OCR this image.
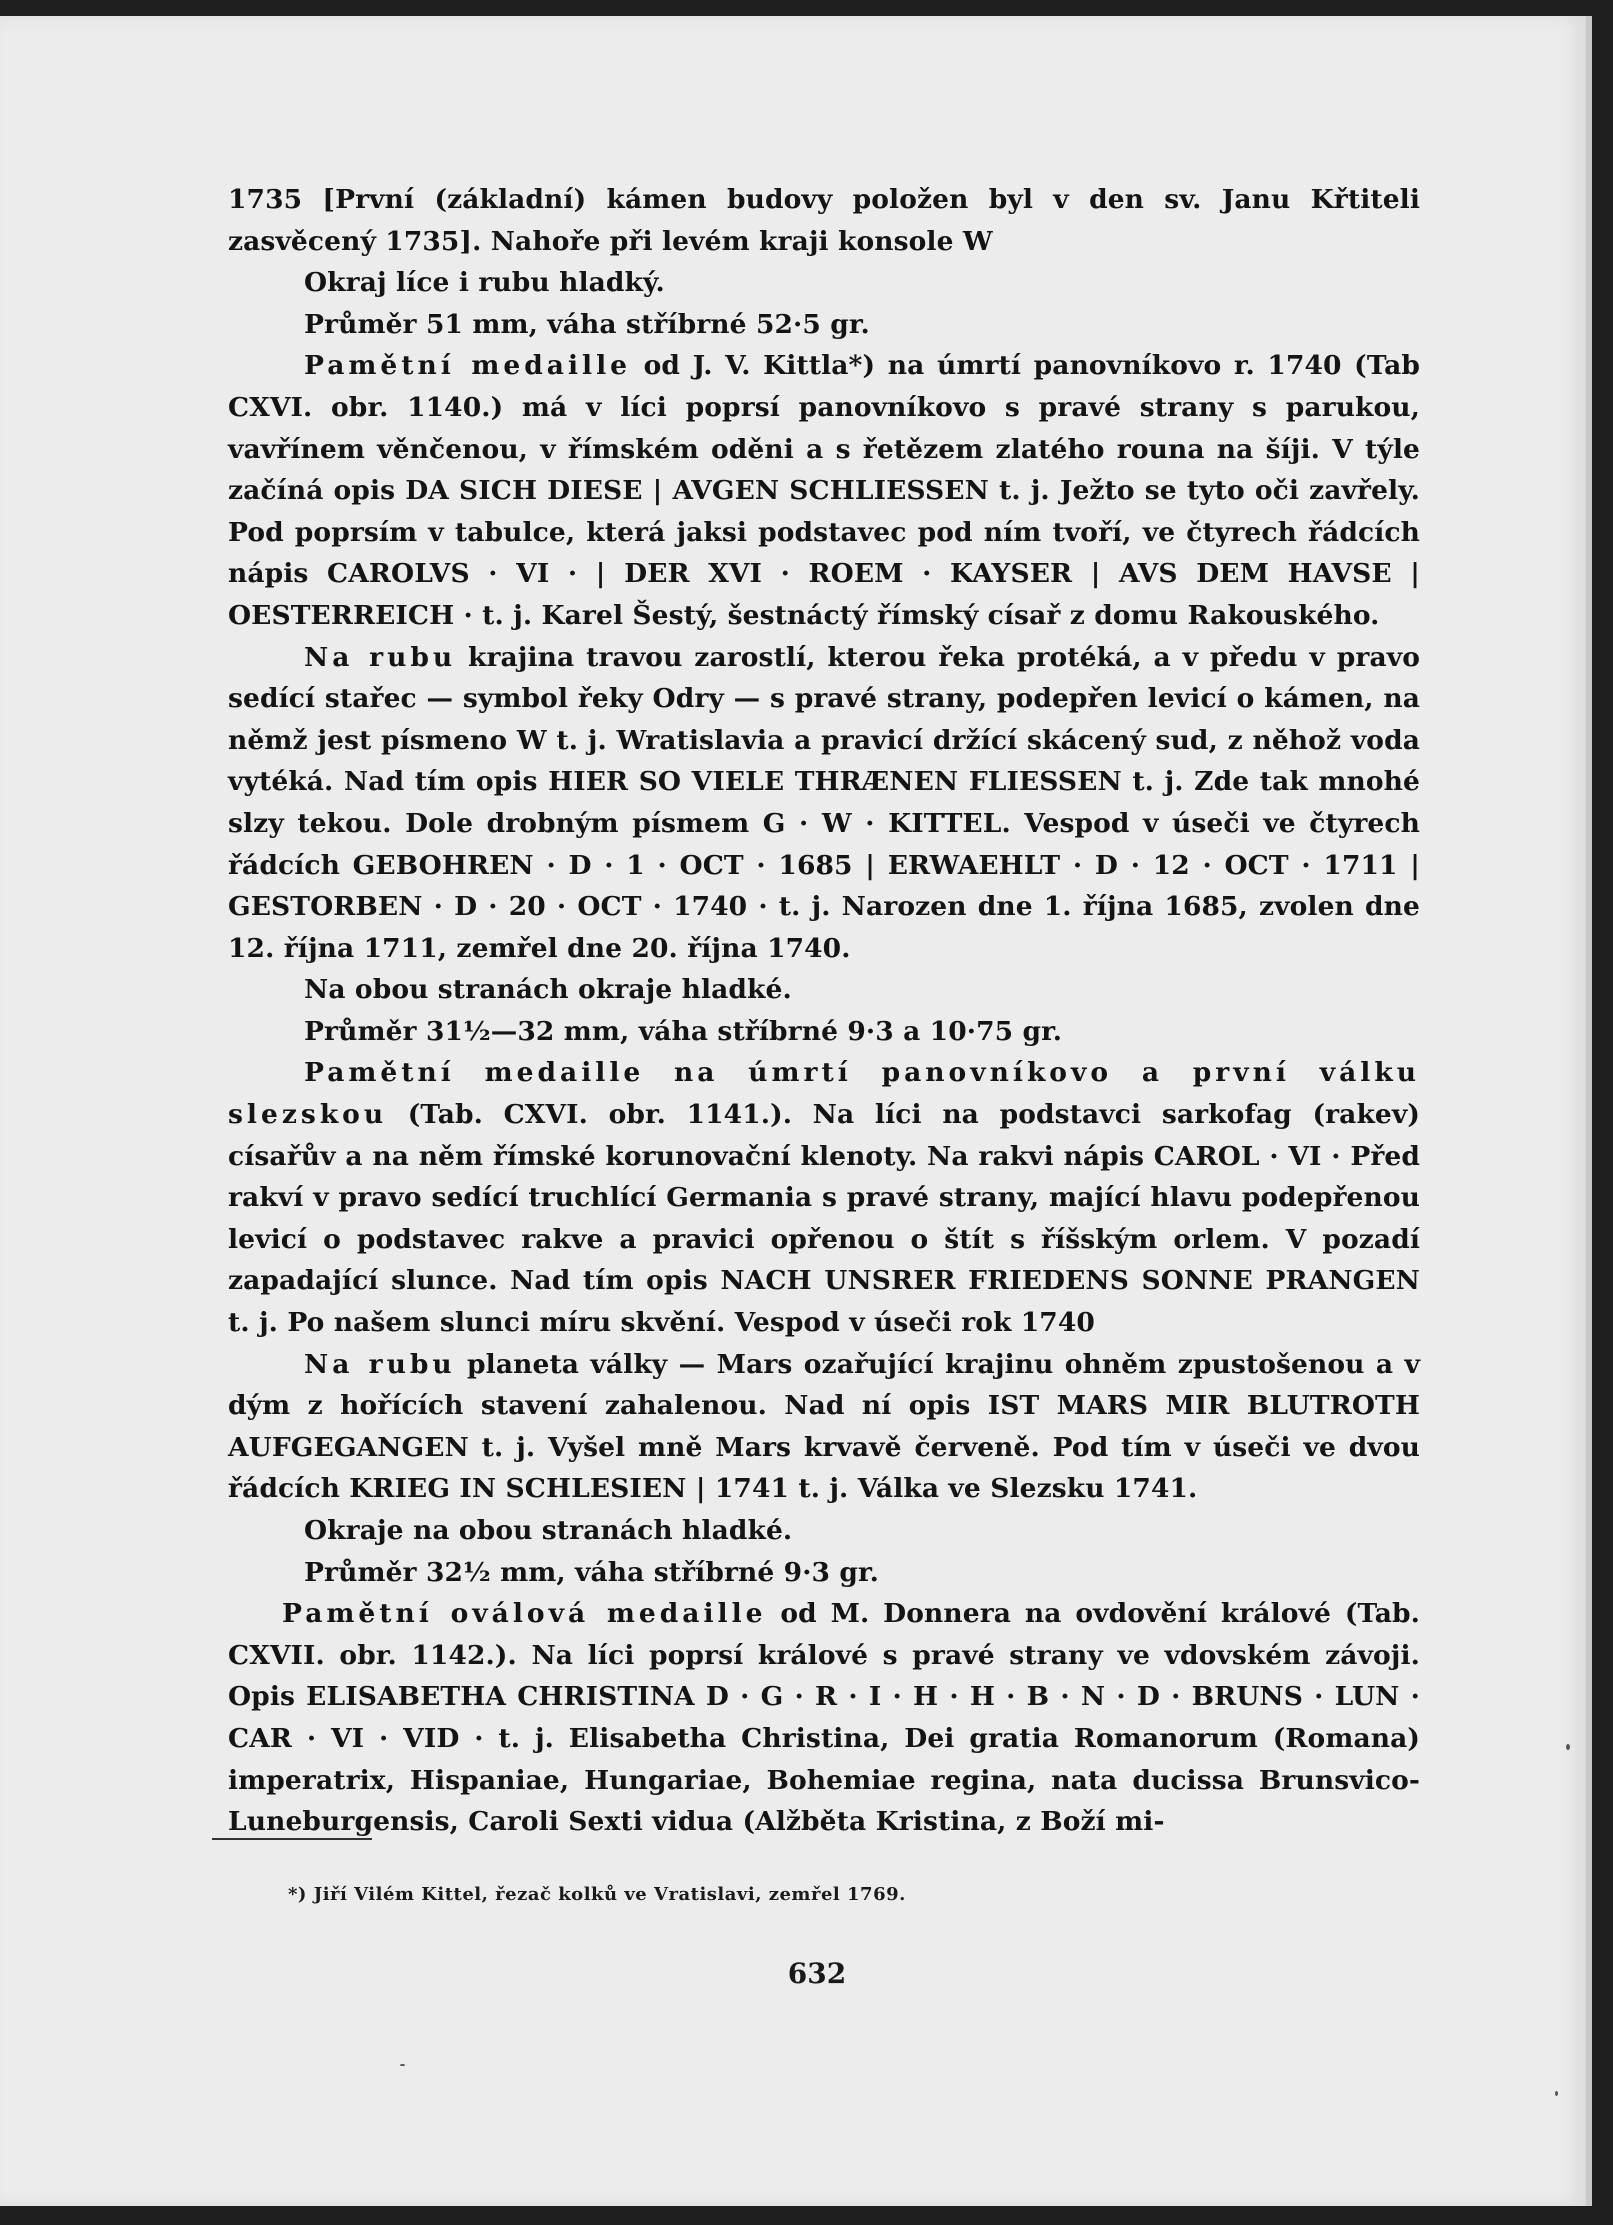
1735 [První (základní) kámen budovy položen byl v den sv. Janu Křtiteli zasvěcený 1735]. Nahoře při levém kraji konsole W

Okraj líce i rubu hladký.

Průměr 51 mm, váha stříbrné 52·5 gr.

Pamětní medaille od J. V. Kittla*) na úmrtí panovníkovo r. 1740 (Tab CXVI. obr. 1140.) má v líci poprsí panovníkovo s pravé strany s parukou, vavřínem věnčenou, v římském oděni a s řetězem zlatého rouna na šíji. V týle začíná opis DA SICH DIESE | AVGEN SCHLIESSEN t. j. Ježto se tyto oči zavřely. Pod poprsím v tabulce, která jaksi podstavec pod ním tvoří, ve čtyrech řádcích nápis CAROLVS · VI · | DER XVI · ROEM · KAYSER | AVS DEM HAVSE | OESTERREICH · t. j. Karel Šestý, šestnáctý římský císař z domu Rakouského.

Na rubu krajina travou zarostlí, kterou řeka protéká, a v předu v pravo sedící stařec — symbol řeky Odry — s pravé strany, podepřen levicí o kámen, na němž jest písmeno W t. j. Wratislavia a pravicí držící skácený sud, z něhož voda vytéká. Nad tím opis HIER SO VIELE THRÆNEN FLIESSEN t. j. Zde tak mnohé slzy tekou. Dole drobným písmem G · W · KITTEL. Vespod v úseči ve čtyrech řádcích GEBOHREN · D · 1 · OCT · 1685 | ERWAEHLT · D · 12 · OCT · 1711 | GESTORBEN · D · 20 · OCT · 1740 · t. j. Narozen dne 1. října 1685, zvolen dne 12. října 1711, zemřel dne 20. října 1740.

Na obou stranách okraje hladké.

Průměr 31½—32 mm, váha stříbrné 9·3 a 10·75 gr.

Pamětní medaille na úmrtí panovníkovo a první válku slezskou (Tab. CXVI. obr. 1141.). Na líci na podstavci sarkofag (rakev) císařův a na něm římské korunovační klenoty. Na rakvi nápis CAROL · VI · Před rakví v pravo sedící truchlící Germania s pravé strany, mající hlavu podepřenou levicí o podstavec rakve a pravici opřenou o štít s říšským orlem. V pozadí zapadající slunce. Nad tím opis NACH UNSRER FRIEDENS SONNE PRANGEN t. j. Po našem slunci míru skvění. Vespod v úseči rok 1740

Na rubu planeta války — Mars ozařující krajinu ohněm zpustošenou a v dým z hořících stavení zahalenou. Nad ní opis IST MARS MIR BLUTROTH AUFGEGANGEN t. j. Vyšel mně Mars krvavě červeně. Pod tím v úseči ve dvou řádcích KRIEG IN SCHLESIEN | 1741 t. j. Válka ve Slezsku 1741.

Okraje na obou stranách hladké.

Průměr 32½ mm, váha stříbrné 9·3 gr.

Pamětní oválová medaille od M. Donnera na ovdovění králové (Tab. CXVII. obr. 1142.). Na líci poprsí králové s pravé strany ve vdovském závoji. Opis ELISABETHA CHRISTINA D · G · R · I · H · H · B · N · D · BRUNS · LUN · CAR · VI · VID · t. j. Elisabetha Christina, Dei gratia Romanorum (Romana) imperatrix, Hispaniae, Hungariae, Bohemiae regina, nata ducissa Brunsvico-Luneburgensis, Caroli Sexti vidua (Alžběta Kristina, z Boží mi-

*) Jiří Vilém Kittel, řezač kolků ve Vratislavi, zemřel 1769.
632
